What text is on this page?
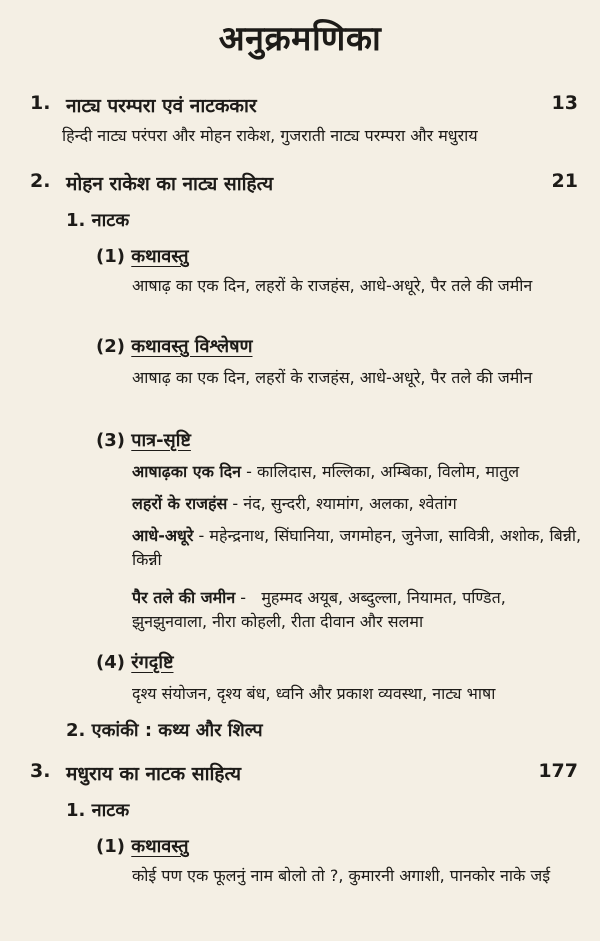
अनुक्रमणिका
1. नाट्य परम्परा एवं नाटककार	13
हिन्दी नाट्य परंपरा और मोहन राकेश, गुजराती नाट्य परम्परा और मधुराय
2. मोहन राकेश का नाट्य साहित्य	21
1. नाटक
(1) कथावस्तु
आषाढ़ का एक दिन, लहरों के राजहंस, आधे-अधूरे, पैर तले की जमीन
(2) कथावस्तु विश्लेषण
आषाढ़ का एक दिन, लहरों के राजहंस, आधे-अधूरे, पैर तले की जमीन
(3) पात्र-सृष्टि
आषाढ़का एक दिन - कालिदास, मल्लिका, अम्बिका, विलोम, मातुल
लहरों के राजहंस - नंद, सुन्दरी, श्यामांग, अलका, श्वेतांग
आधे-अधूरे - महेन्द्रनाथ, सिंघानिया, जगमोहन, जुनेजा, सावित्री, अशोक, बिन्नी, किन्नी
पैर तले की जमीन -   मुहम्मद अयूब, अब्दुल्ला, नियामत, पण्डित, झुनझुनवाला, नीरा कोहली, रीता दीवान और सलमा
(4) रंगदृष्टि
दृश्य संयोजन, दृश्य बंध, ध्वनि और प्रकाश व्यवस्था, नाट्य भाषा
2. एकांकी : कथ्य और शिल्प
3. मधुराय का नाटक साहित्य	177
1. नाटक
(1) कथावस्तु
कोई पण एक फूलनुं नाम बोलो तो ?, कुमारनी अगाशी, पानकोर नाके जई
